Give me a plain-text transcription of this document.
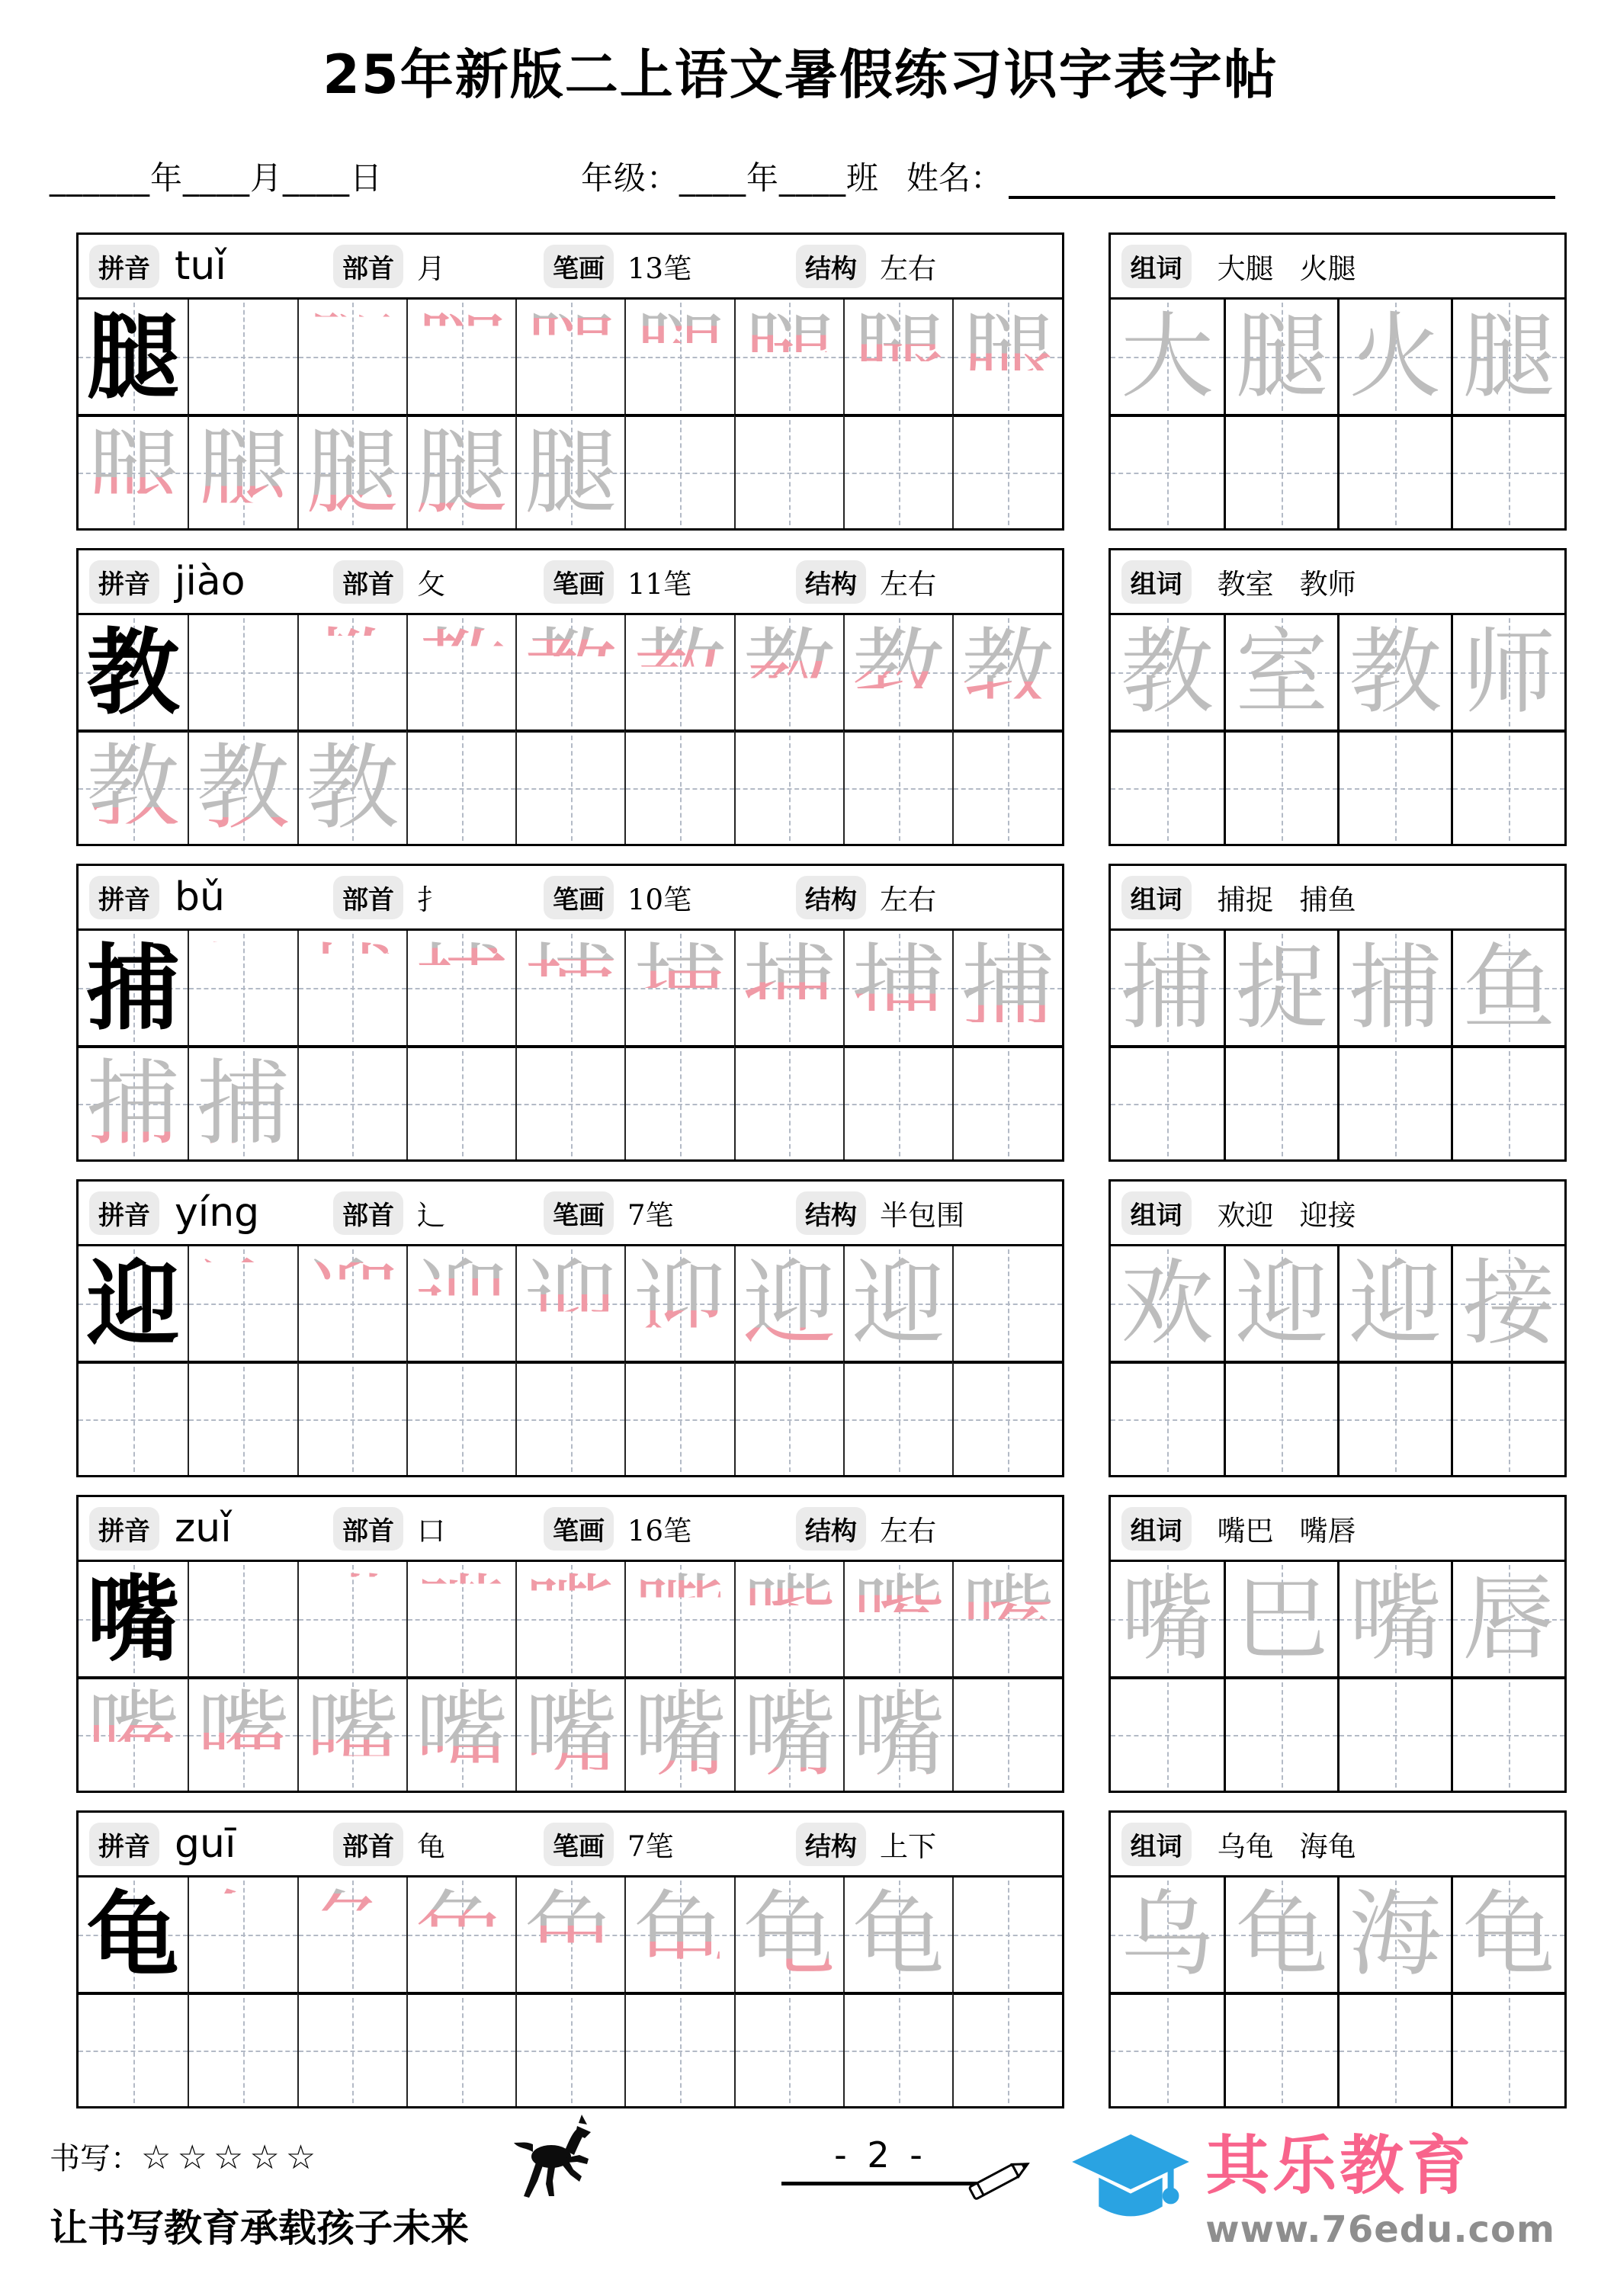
25年新版二上语文暑假练习识字表字帖
______年____月____日	年级：____年____班 姓名：
拼音 tuǐ	部首 月	笔画 13笔	结构 左右
腿 腿 腿 腿 腿 腿 腿 腿 腿
腿 腿 腿 腿 腿
组词	大腿 火腿
大 腿 火 腿
拼音 jiào	部首 攵	笔画 11笔	结构 左右
教 教 教 教 教 教 教 教 教
教 教 教
组词	教室 教师
教 室 教 师
拼音 bǔ	部首 扌	笔画 10笔	结构 左右
捕 捕 捕 捕 捕 捕 捕 捕 捕
捕 捕
组词	捕捉 捕鱼
捕 捉 捕 鱼
拼音 yíng	部首 辶	笔画 7笔	结构 半包围
迎 迎 迎 迎 迎 迎 迎 迎
组词	欢迎 迎接
欢 迎 迎 接
拼音 zuǐ	部首 口	笔画 16笔	结构 左右
嘴 嘴 嘴 嘴 嘴 嘴 嘴 嘴 嘴
嘴 嘴 嘴 嘴 嘴 嘴 嘴 嘴
组词	嘴巴 嘴唇
嘴 巴 嘴 唇
拼音 guī	部首 龟	笔画 7笔	结构 上下
龟 龟 龟 龟 龟 龟 龟 龟
组词	乌龟 海龟
乌 龟 海 龟
书写：☆☆☆☆☆
让书写教育承载孩子未来
- 2 -	其乐教育
www.76edu.com
